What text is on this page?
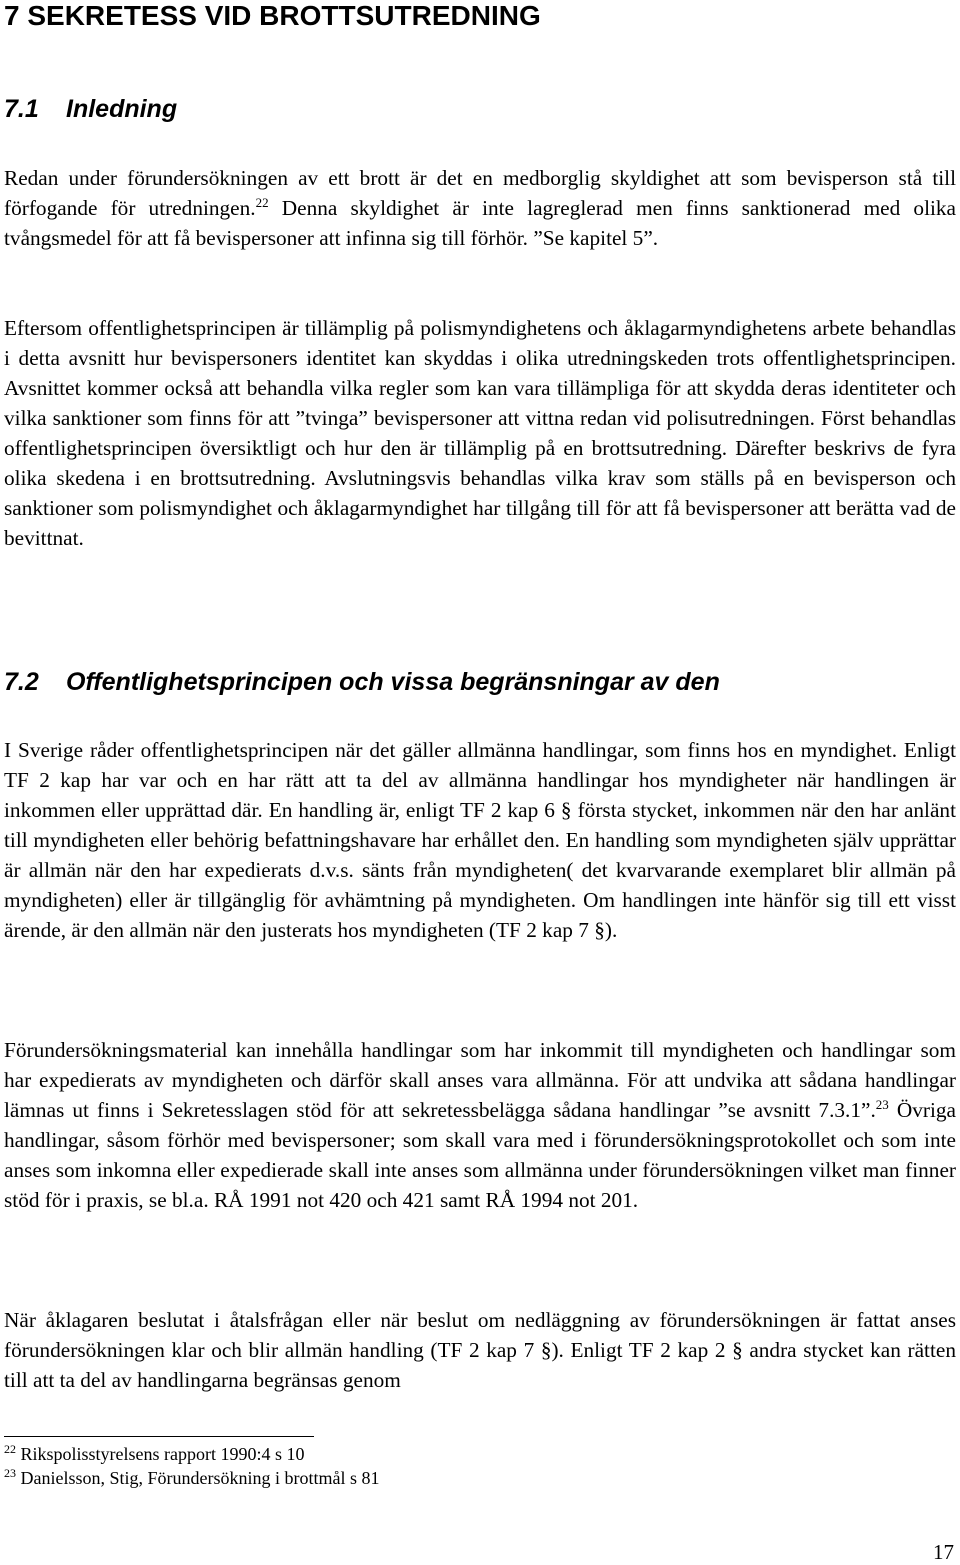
7 SEKRETESS VID BROTTSUTREDNING
7.1 Inledning

Redan under förundersökningen av ett brott är det en medborglig skyldighet att som bevisperson stå till förfogande för utredningen.$^{22}$ Denna skyldighet är inte lagreglerad men finns sanktionerad med olika tvångsmedel för att få bevispersoner att infinna sig till förhör. ”Se kapitel 5”.

Eftersom offentlighetsprincipen är tillämplig på polismyndighetens och åklagarmyndighetens arbete behandlas i detta avsnitt hur bevispersoners identitet kan skyddas i olika utredningskeden trots offentlighetsprincipen. Avsnittet kommer också att behandla vilka regler som kan vara tillämpliga för att skydda deras identiteter och vilka sanktioner som finns för att ”tvinga” bevispersoner att vittna redan vid polisutredningen. Först behandlas offentlighetsprincipen översiktligt och hur den är tillämplig på en brottsutredning. Därefter beskrivs de fyra olika skedena i en brottsutredning. Avslutningsvis behandlas vilka krav som ställs på en bevisperson och sanktioner som polismyndighet och åklagarmyndighet har tillgång till för att få bevispersoner att berätta vad de bevittnat.

7.2 Offentlighetsprincipen och vissa begränsningar av den

I Sverige råder offentlighetsprincipen när det gäller allmänna handlingar, som finns hos en myndighet. Enligt TF 2 kap har var och en har rätt att ta del av allmänna handlingar hos myndigheter när handlingen är inkommen eller upprättad där. En handling är, enligt TF 2 kap 6 § första stycket, inkommen när den har anlänt till myndigheten eller behörig befattningshavare har erhållet den. En handling som myndigheten själv upprättar är allmän när den har expedierats d.v.s. sänts från myndigheten( det kvarvarande exemplaret blir allmän på myndigheten) eller är tillgänglig för avhämtning på myndigheten. Om handlingen inte hänför sig till ett visst ärende, är den allmän när den justerats hos myndigheten (TF 2 kap 7 §).

Förundersökningsmaterial kan innehålla handlingar som har inkommit till myndigheten och handlingar som har expedierats av myndigheten och därför skall anses vara allmänna. För att undvika att sådana handlingar lämnas ut finns i Sekretesslagen stöd för att sekretessbelägga sådana handlingar ”se avsnitt 7.3.1”.$^{23}$ Övriga handlingar, såsom förhör med bevispersoner; som skall vara med i förundersökningsprotokollet och som inte anses som inkomna eller expedierade skall inte anses som allmänna under förundersökningen vilket man finner stöd för i praxis, se bl.a. RÅ 1991 not 420 och 421 samt RÅ 1994 not 201.

När åklagaren beslutat i åtalsfrågan eller när beslut om nedläggning av förundersökningen är fattat anses förundersökningen klar och blir allmän handling (TF 2 kap 7 §). Enligt TF 2 kap 2 § andra stycket kan rätten till att ta del av handlingarna begränsas genom

$^{22}$ Rikspolisstyrelsens rapport 1990:4 s 10

$^{23}$ Danielsson, Stig, Förundersökning i brottmål s 81

17
